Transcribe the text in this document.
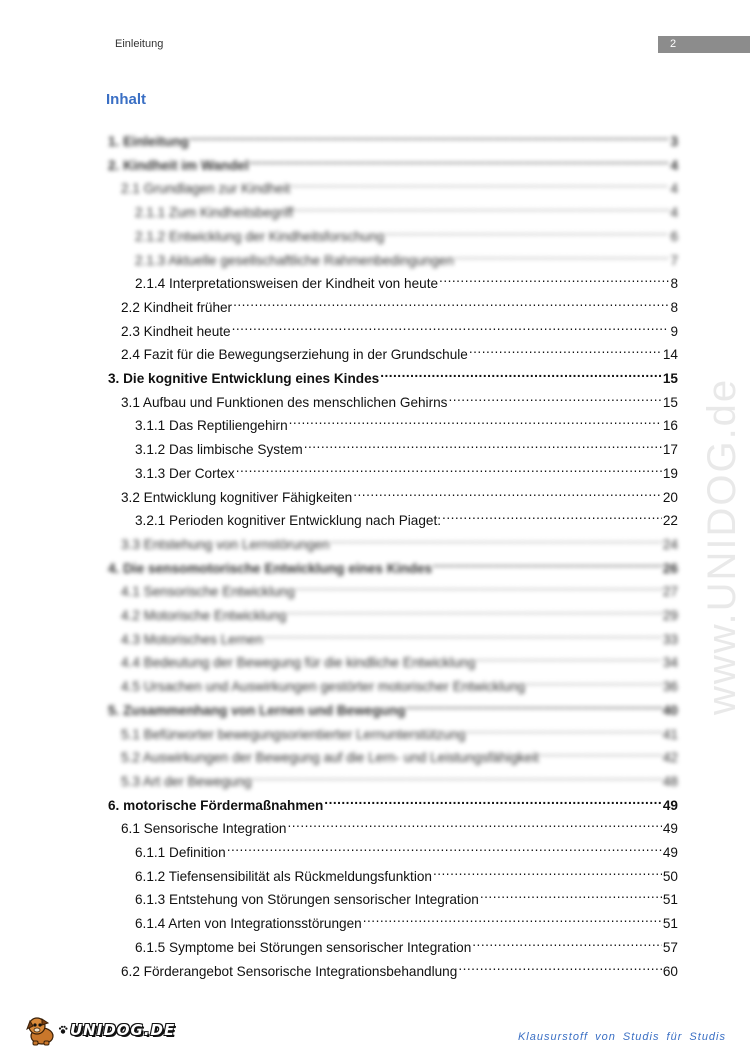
Einleitung	2
www.UNIDOG.de
Inhalt
1. Einleitung .....	3
2. Kindheit im Wandel .....	4
2.1 Grundlagen zur Kindheit .....	4
2.1.1 Zum Kindheitsbegriff .....	4
2.1.2 Entwicklung der Kindheitsforschung .....	6
2.1.3 Aktuelle gesellschaftliche Rahmenbedingungen .....	7
2.1.4 Interpretationsweisen der Kindheit von heute .....	8
2.2 Kindheit früher .....	8
2.3 Kindheit heute .....	9
2.4 Fazit für die Bewegungserziehung in der Grundschule .....	14
3. Die kognitive Entwicklung eines Kindes .....	15
3.1 Aufbau und Funktionen des menschlichen Gehirns .....	15
3.1.1 Das Reptiliengehirn .....	16
3.1.2 Das limbische System .....	17
3.1.3 Der Cortex .....	19
3.2 Entwicklung kognitiver Fähigkeiten .....	20
3.2.1 Perioden kognitiver Entwicklung nach Piaget: .....	22
3.3 Entstehung von Lernstörungen .....	24
4. Die sensomotorische Entwicklung eines Kindes .....	26
4.1 Sensorische Entwicklung .....	27
4.2 Motorische Entwicklung .....	29
4.3 Motorisches Lernen .....	33
4.4 Bedeutung der Bewegung für die kindliche Entwicklung .....	34
4.5 Ursachen und Auswirkungen gestörter motorischer Entwicklung .....	36
5. Zusammenhang von Lernen und Bewegung .....	40
5.1 Befürworter bewegungsorientierter Lernunterstützung .....	41
5.2 Auswirkungen der Bewegung auf die Lern- und Leistungsfähigkeit .....	42
5.3 Art der Bewegung .....	48
6. motorische Fördermaßnahmen .....	49
6.1 Sensorische Integration .....	49
6.1.1 Definition .....	49
6.1.2 Tiefensensibilität als Rückmeldungsfunktion .....	50
6.1.3 Entstehung von Störungen sensorischer Integration .....	51
6.1.4 Arten von Integrationsstörungen .....	51
6.1.5 Symptome bei Störungen sensorischer Integration .....	57
6.2 Förderangebot Sensorische Integrationsbehandlung .....	60
UNIDOG.DE	Klausurstoff von Studis für Studis
